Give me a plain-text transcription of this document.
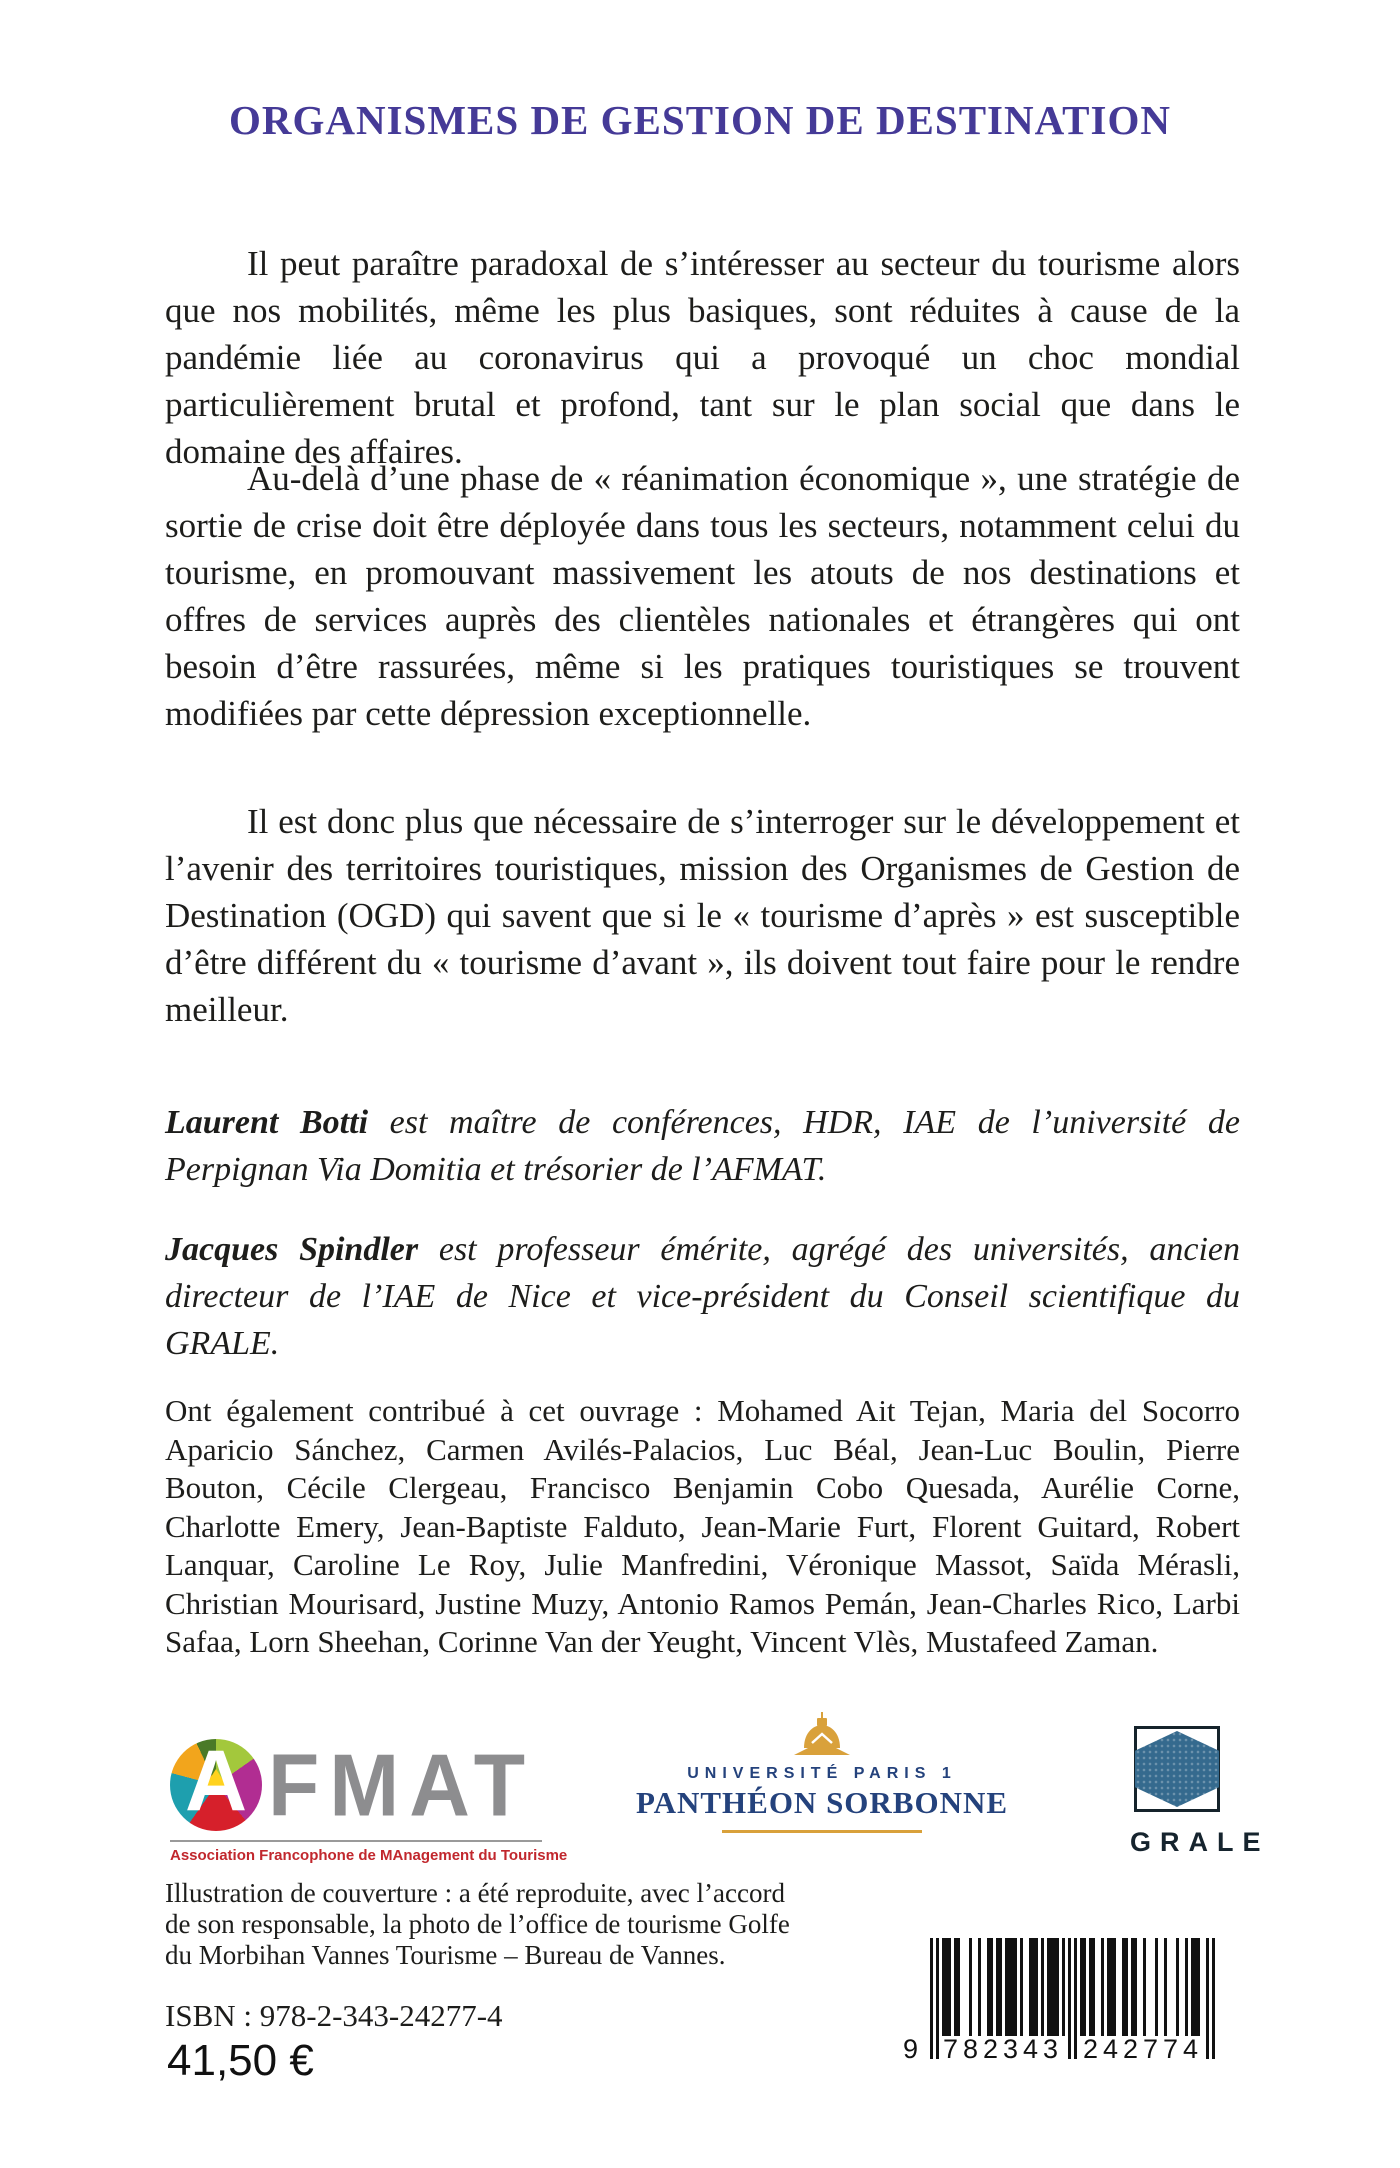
ORGANISMES DE GESTION DE DESTINATION

Il peut paraître paradoxal de s’intéresser au secteur du tourisme alors que nos mobilités, même les plus basiques, sont réduites à cause de la pandémie liée au coronavirus qui a provoqué un choc mondial particulièrement brutal et profond, tant sur le plan social que dans le domaine des affaires.

Au-delà d’une phase de « réanimation économique », une stratégie de sortie de crise doit être déployée dans tous les secteurs, notamment celui du tourisme, en promouvant massivement les atouts de nos destinations et offres de services auprès des clientèles nationales et étrangères qui ont besoin d’être rassurées, même si les pratiques touristiques se trouvent modifiées par cette dépression exceptionnelle.

Il est donc plus que nécessaire de s’interroger sur le développement et l’avenir des territoires touristiques, mission des Organismes de Gestion de Destination (OGD) qui savent que si le « tourisme d’après » est susceptible d’être différent du « tourisme d’avant », ils doivent tout faire pour le rendre meilleur.

Laurent Botti est maître de conférences, HDR, IAE de l’université de Perpignan Via Domitia et trésorier de l’AFMAT.

Jacques Spindler est professeur émérite, agrégé des universités, ancien directeur de l’IAE de Nice et vice-président du Conseil scientifique du GRALE.

Ont également contribué à cet ouvrage : Mohamed Ait Tejan, Maria del Socorro Aparicio Sánchez, Carmen Avilés-Palacios, Luc Béal, Jean-Luc Boulin, Pierre Bouton, Cécile Clergeau, Francisco Benjamin Cobo Quesada, Aurélie Corne, Charlotte Emery, Jean-Baptiste Falduto, Jean-Marie Furt, Florent Guitard, Robert Lanquar, Caroline Le Roy, Julie Manfredini, Véronique Massot, Saïda Mérasli, Christian Mourisard, Justine Muzy, Antonio Ramos Pemán, Jean-Charles Rico, Larbi Safaa, Lorn Sheehan, Corinne Van der Yeught, Vincent Vlès, Mustafeed Zaman.

A FMAT
Association Francophone de MAnagement du Tourisme
UNIVERSITÉ PARIS 1
PANTHÉON SORBONNE
GRALE

Illustration de couverture : a été reproduite, avec l’accord de son responsable, la photo de l’office de tourisme Golfe du Morbihan Vannes Tourisme – Bureau de Vannes.

ISBN : 978-2-343-24277-4

41,50 €	9 782343 242774
